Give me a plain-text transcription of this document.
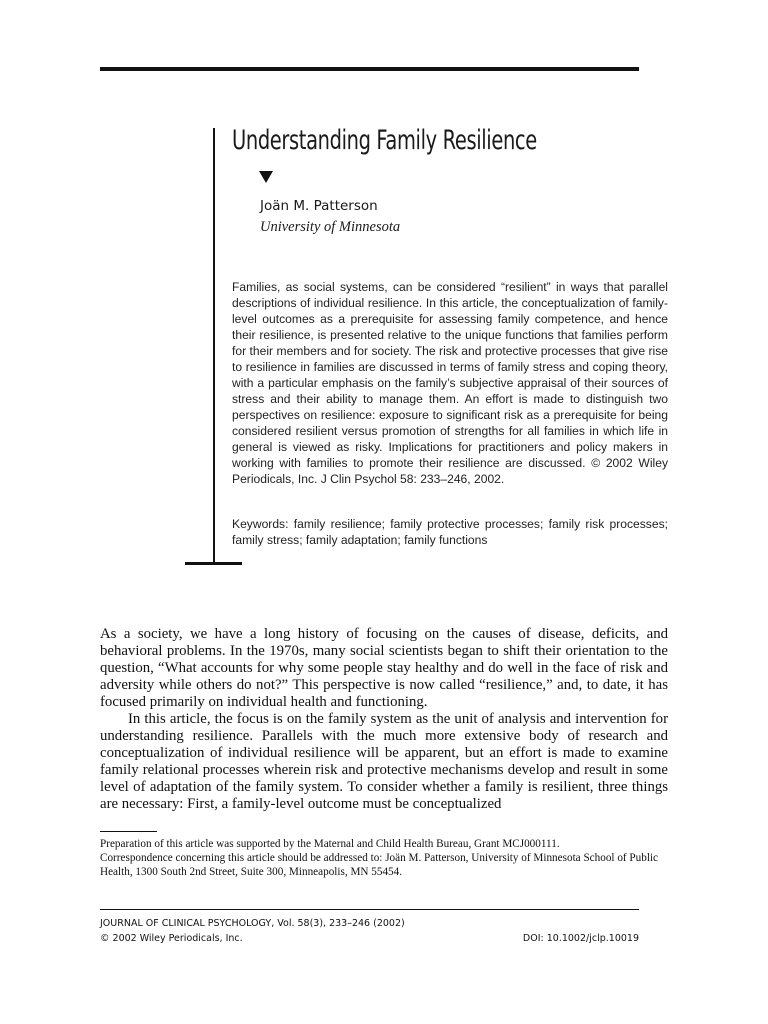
Understanding Family Resilience
Joän M. Patterson
University of Minnesota

Families, as social systems, can be considered “resilient” in ways that parallel descriptions of individual resilience. In this article, the conceptualization of family-level outcomes as a prerequisite for assessing family competence, and hence their resilience, is presented relative to the unique functions that families perform for their members and for society. The risk and protective processes that give rise to resilience in families are discussed in terms of family stress and coping theory, with a particular emphasis on the family’s subjective appraisal of their sources of stress and their ability to manage them. An effort is made to distinguish two perspectives on resilience: exposure to significant risk as a prerequisite for being considered resilient versus promotion of strengths for all families in which life in general is viewed as risky. Implications for practitioners and policy makers in working with families to promote their resilience are discussed. © 2002 Wiley Periodicals, Inc. J Clin Psychol 58: 233–246, 2002.

Keywords: family resilience; family protective processes; family risk processes; family stress; family adaptation; family functions

As a society, we have a long history of focusing on the causes of disease, deficits, and behavioral problems. In the 1970s, many social scientists began to shift their orientation to the question, “What accounts for why some people stay healthy and do well in the face of risk and adversity while others do not?” This perspective is now called “resilience,” and, to date, it has focused primarily on individual health and functioning.

In this article, the focus is on the family system as the unit of analysis and intervention for understanding resilience. Parallels with the much more extensive body of research and conceptualization of individual resilience will be apparent, but an effort is made to examine family relational processes wherein risk and protective mechanisms develop and result in some level of adaptation of the family system. To consider whether a family is resilient, three things are necessary: First, a family-level outcome must be conceptualized

Preparation of this article was supported by the Maternal and Child Health Bureau, Grant MCJ000111.

Correspondence concerning this article should be addressed to: Joän M. Patterson, University of Minnesota School of Public Health, 1300 South 2nd Street, Suite 300, Minneapolis, MN 55454.

JOURNAL OF CLINICAL PSYCHOLOGY, Vol. 58(3), 233–246 (2002)
© 2002 Wiley Periodicals, Inc.	DOI: 10.1002/jclp.10019
